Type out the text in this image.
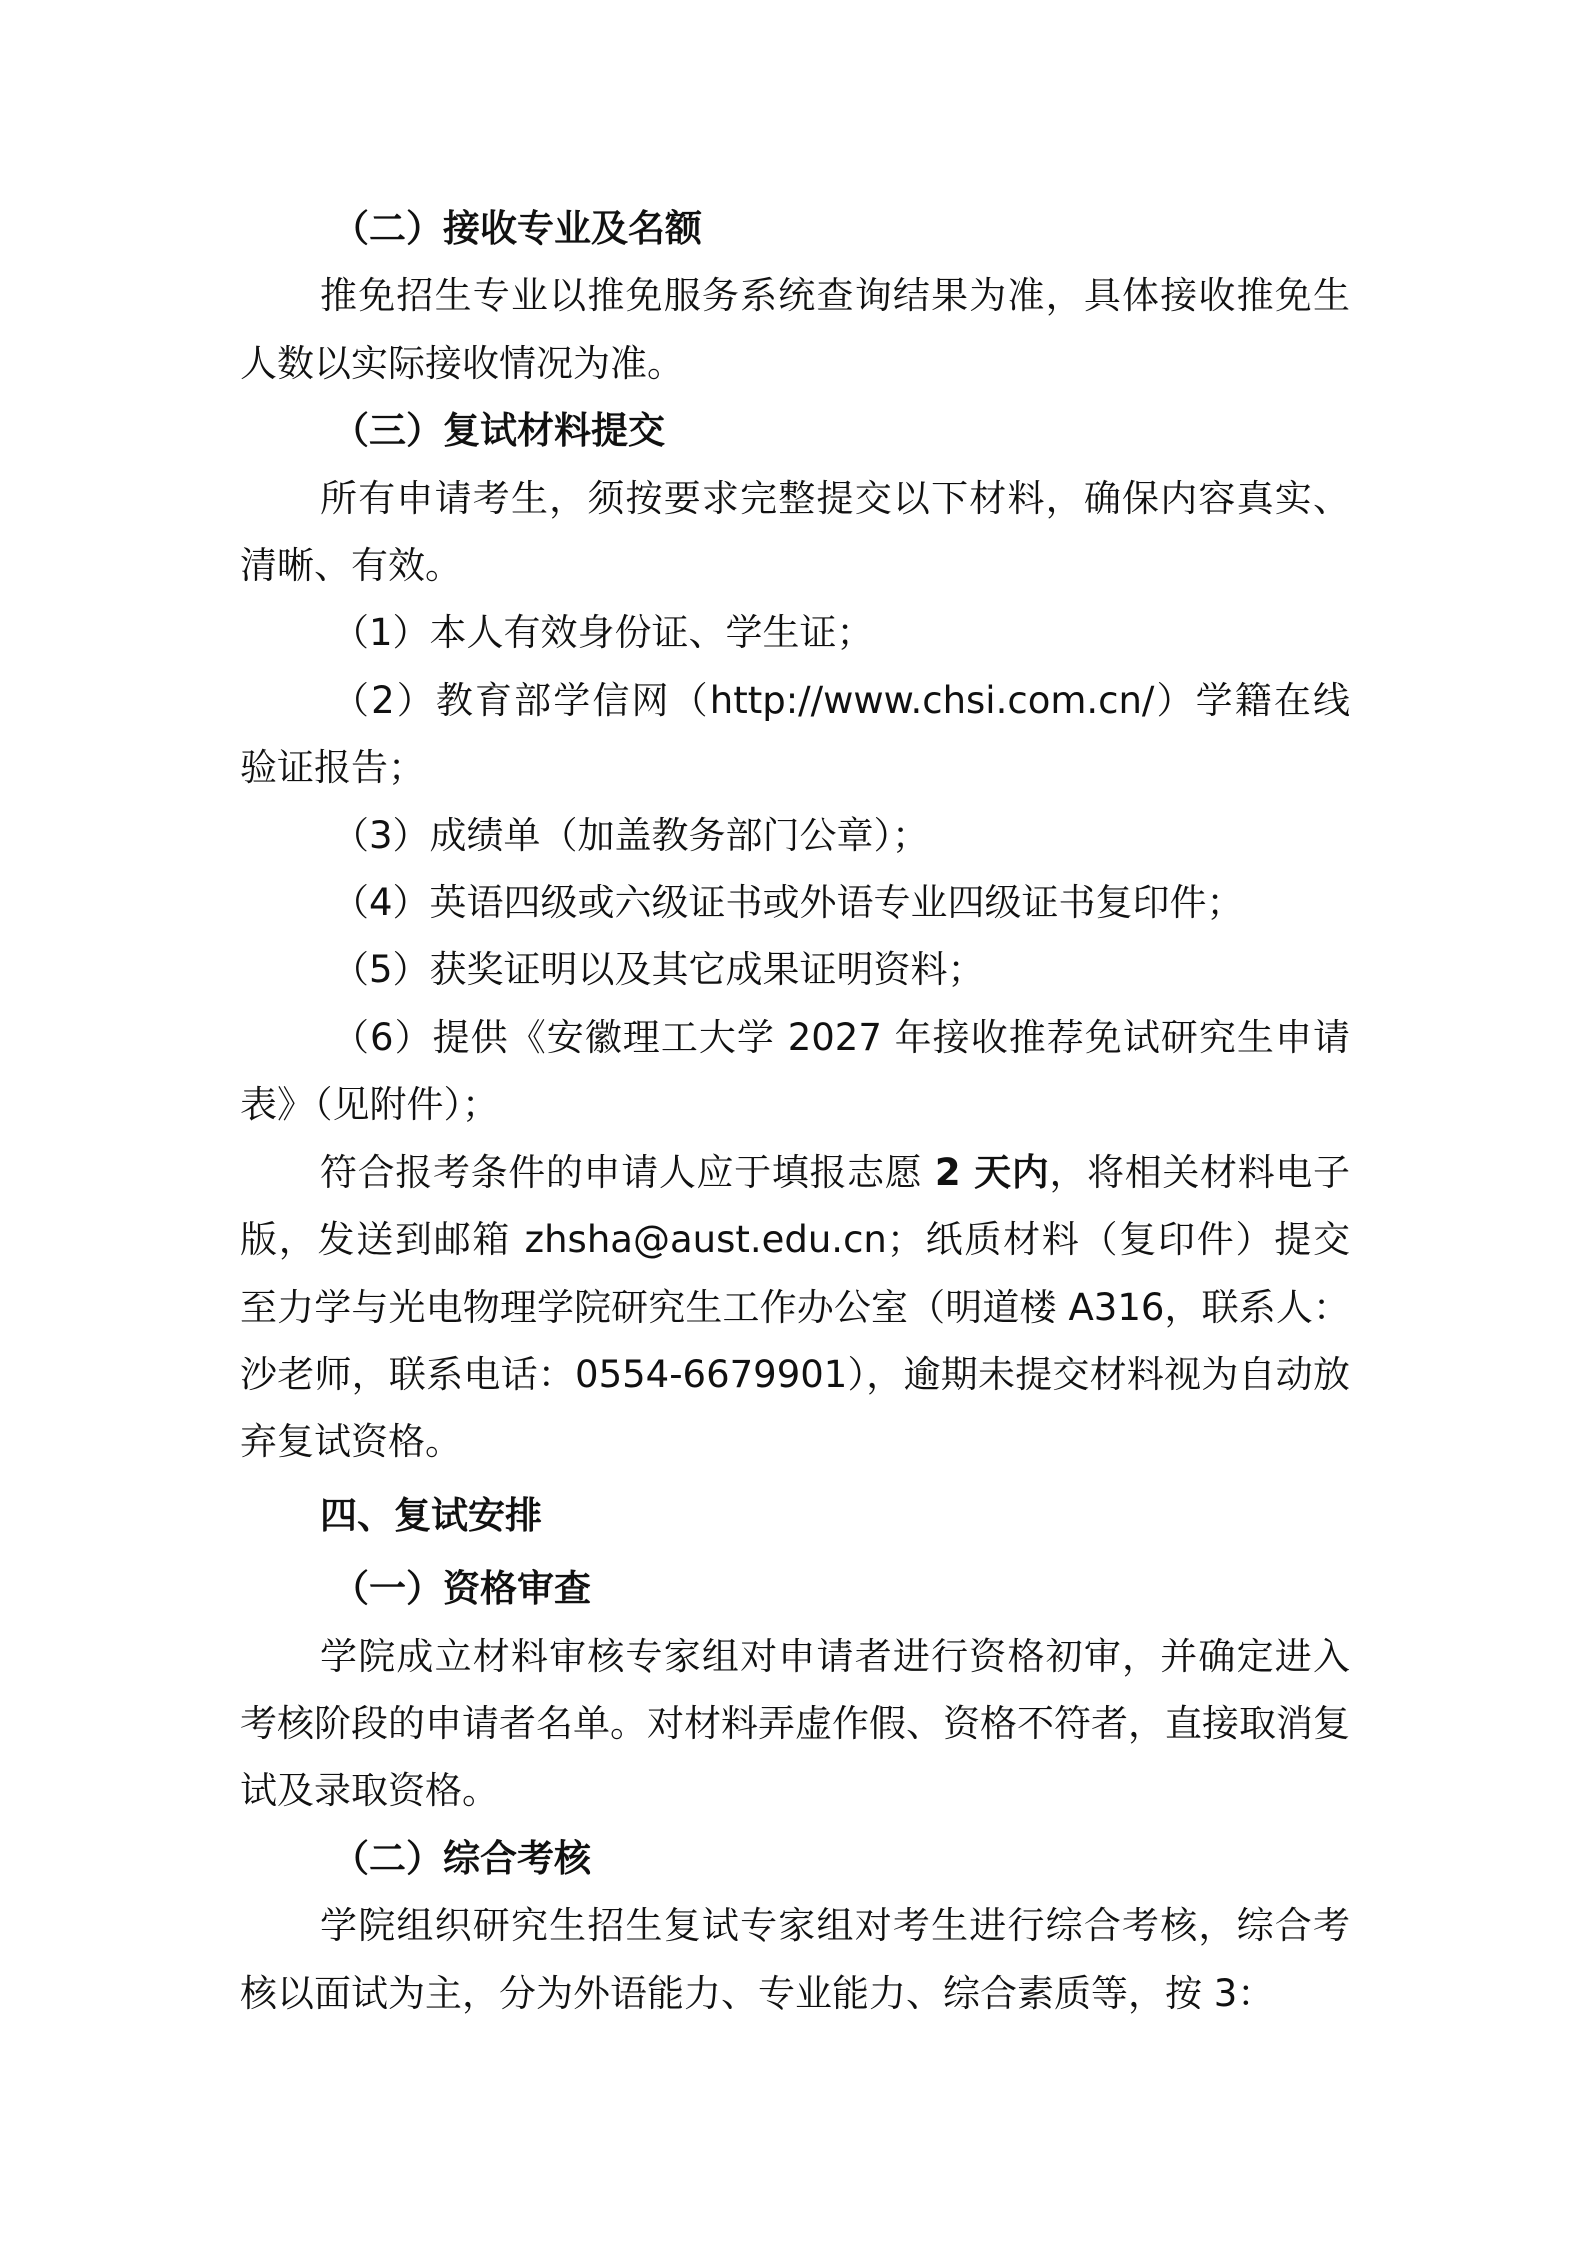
（二）接收专业及名额

推免招生专业以推免服务系统查询结果为准，具体接收推免生人数以实际接收情况为准。

（三）复试材料提交

所有申请考生，须按要求完整提交以下材料，确保内容真实、清晰、有效。

（1）本人有效身份证、学生证；

（2）教育部学信网（http://www.chsi.com.cn/）学籍在线验证报告；

（3）成绩单（加盖教务部门公章）；

（4）英语四级或六级证书或外语专业四级证书复印件；

（5）获奖证明以及其它成果证明资料；

（6）提供《安徽理工大学 2027 年接收推荐免试研究生申请表》（见附件）；

符合报考条件的申请人应于填报志愿 2 天内，将相关材料电子版，发送到邮箱 zhsha@aust.edu.cn；纸质材料（复印件）提交至力学与光电物理学院研究生工作办公室（明道楼 A316，联系人：沙老师，联系电话：0554-6679901），逾期未提交材料视为自动放弃复试资格。

四、复试安排

（一）资格审查

学院成立材料审核专家组对申请者进行资格初审，并确定进入考核阶段的申请者名单。对材料弄虚作假、资格不符者，直接取消复试及录取资格。

（二）综合考核

学院组织研究生招生复试专家组对考生进行综合考核，综合考核以面试为主，分为外语能力、专业能力、综合素质等，按 3：
